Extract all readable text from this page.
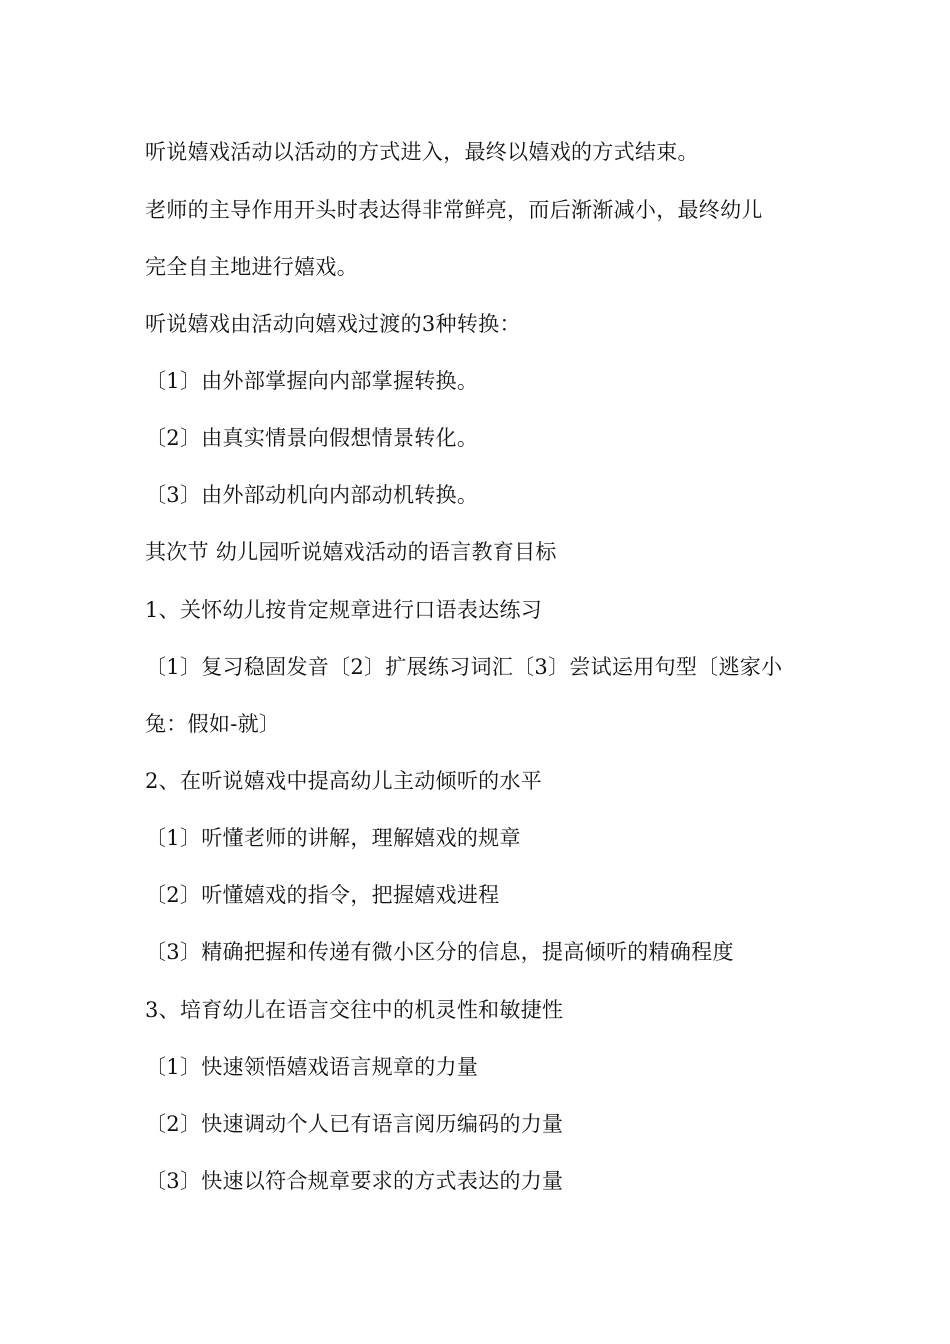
听说嬉戏活动以活动的方式进入，最终以嬉戏的方式结束。
老师的主导作用开头时表达得非常鲜亮，而后渐渐减小，最终幼儿
完全自主地进行嬉戏。
听说嬉戏由活动向嬉戏过渡的3种转换：
〔1〕由外部掌握向内部掌握转换。
〔2〕由真实情景向假想情景转化。
〔3〕由外部动机向内部动机转换。
其次节 幼儿园听说嬉戏活动的语言教育目标
1、关怀幼儿按肯定规章进行口语表达练习
〔1〕复习稳固发音〔2〕扩展练习词汇〔3〕尝试运用句型〔逃家小
兔：假如-就〕
2、在听说嬉戏中提高幼儿主动倾听的水平
〔1〕听懂老师的讲解，理解嬉戏的规章
〔2〕听懂嬉戏的指令，把握嬉戏进程
〔3〕精确把握和传递有微小区分的信息，提高倾听的精确程度
3、培育幼儿在语言交往中的机灵性和敏捷性
〔1〕快速领悟嬉戏语言规章的力量
〔2〕快速调动个人已有语言阅历编码的力量
〔3〕快速以符合规章要求的方式表达的力量
